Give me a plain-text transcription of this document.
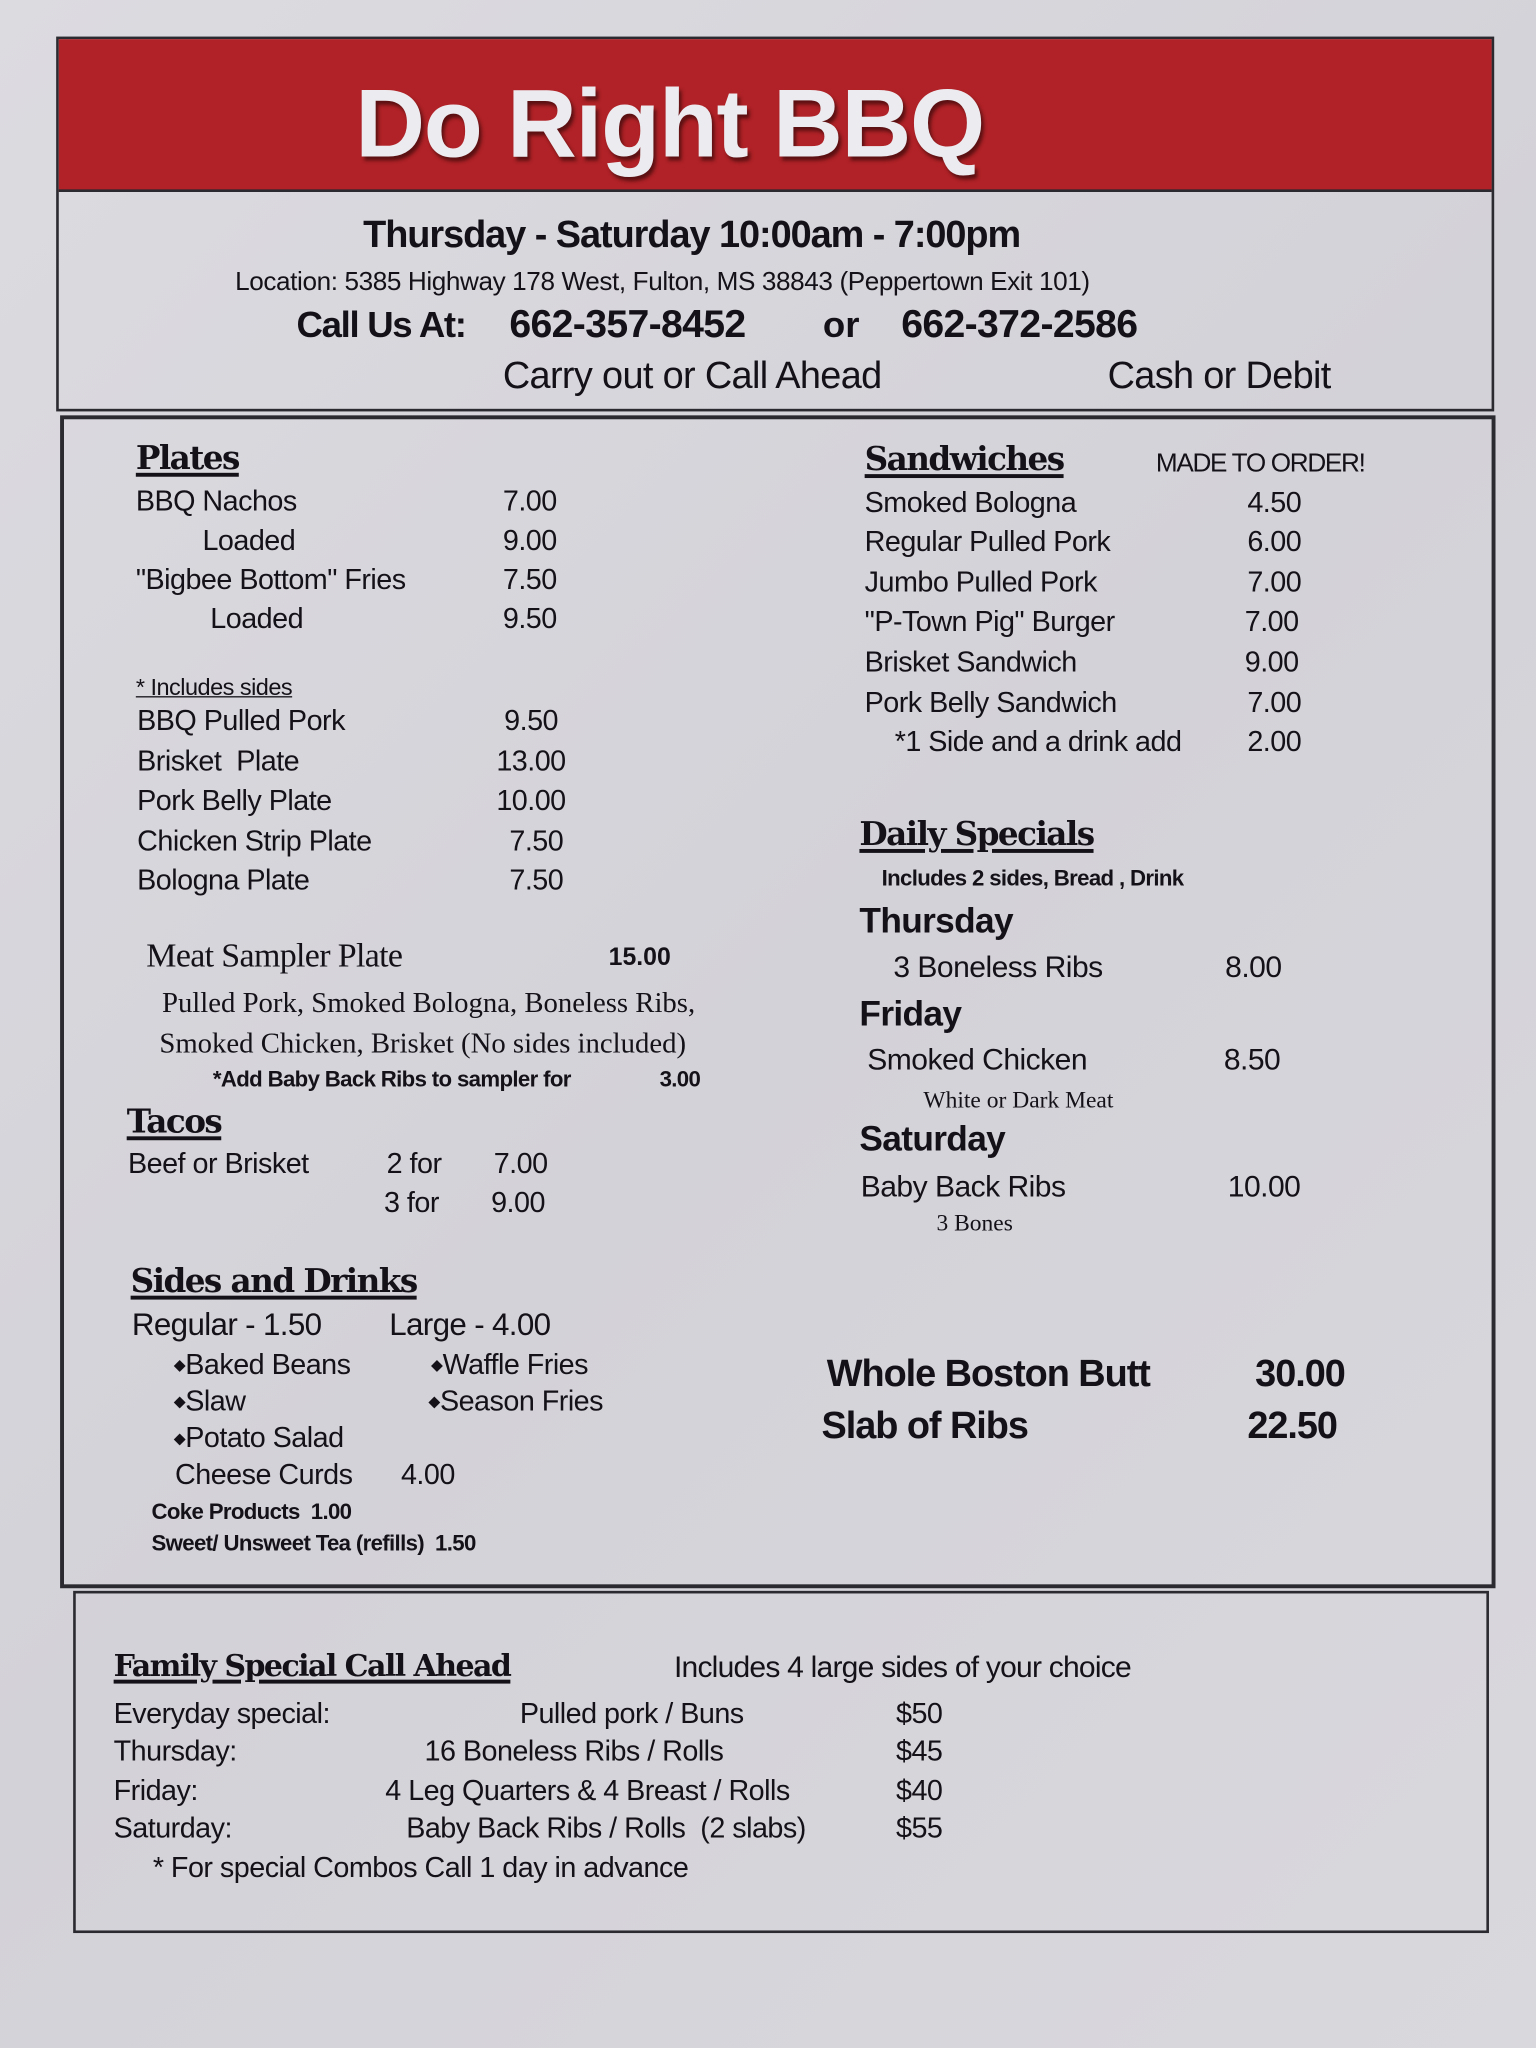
Do Right BBQ
Thursday - Saturday 10:00am - 7:00pm
Location: 5385 Highway 178 West, Fulton, MS 38843 (Peppertown Exit 101)
Call Us At: 662-357-8452	or 662-372-2586
Carry out or Call Ahead	Cash or Debit
Plates
BBQ Nachos	7.00
Loaded	9.00
"Bigbee Bottom" Fries	7.50
Loaded	9.50
* Includes sides
BBQ Pulled Pork	9.50
Brisket  Plate	13.00
Pork Belly Plate	10.00
Chicken Strip Plate	7.50
Bologna Plate	7.50
Meat Sampler Plate	15.00
Pulled Pork, Smoked Bologna, Boneless Ribs,
Smoked Chicken, Brisket (No sides included)
*Add Baby Back Ribs to sampler for	3.00
Tacos
Beef or Brisket	2 for 7.00
3 for 9.00
Sides and Drinks
Regular - 1.50	Large - 4.00
◆Baked Beans	◆Waffle Fries
◆Slaw	◆Season Fries
◆Potato Salad
Cheese Curds 4.00
Coke Products  1.00
Sweet/ Unsweet Tea (refills)  1.50
Sandwiches	MADE TO ORDER!
Smoked Bologna	4.50
Regular Pulled Pork	6.00
Jumbo Pulled Pork	7.00
"P-Town Pig" Burger	7.00
Brisket Sandwich	9.00
Pork Belly Sandwich	7.00
*1 Side and a drink add	2.00
Daily Specials
Includes 2 sides, Bread , Drink
Thursday
3 Boneless Ribs	8.00
Friday
Smoked Chicken	8.50
White or Dark Meat
Saturday
Baby Back Ribs	10.00
3 Bones
Whole Boston Butt	30.00
Slab of Ribs	22.50
Family Special Call Ahead	Includes 4 large sides of your choice
Everyday special:	Pulled pork / Buns	$50
Thursday:	16 Boneless Ribs / Rolls	$45
Friday:	4 Leg Quarters & 4 Breast / Rolls	$40
Saturday:	Baby Back Ribs / Rolls  (2 slabs)	$55
* For special Combos Call 1 day in advance
